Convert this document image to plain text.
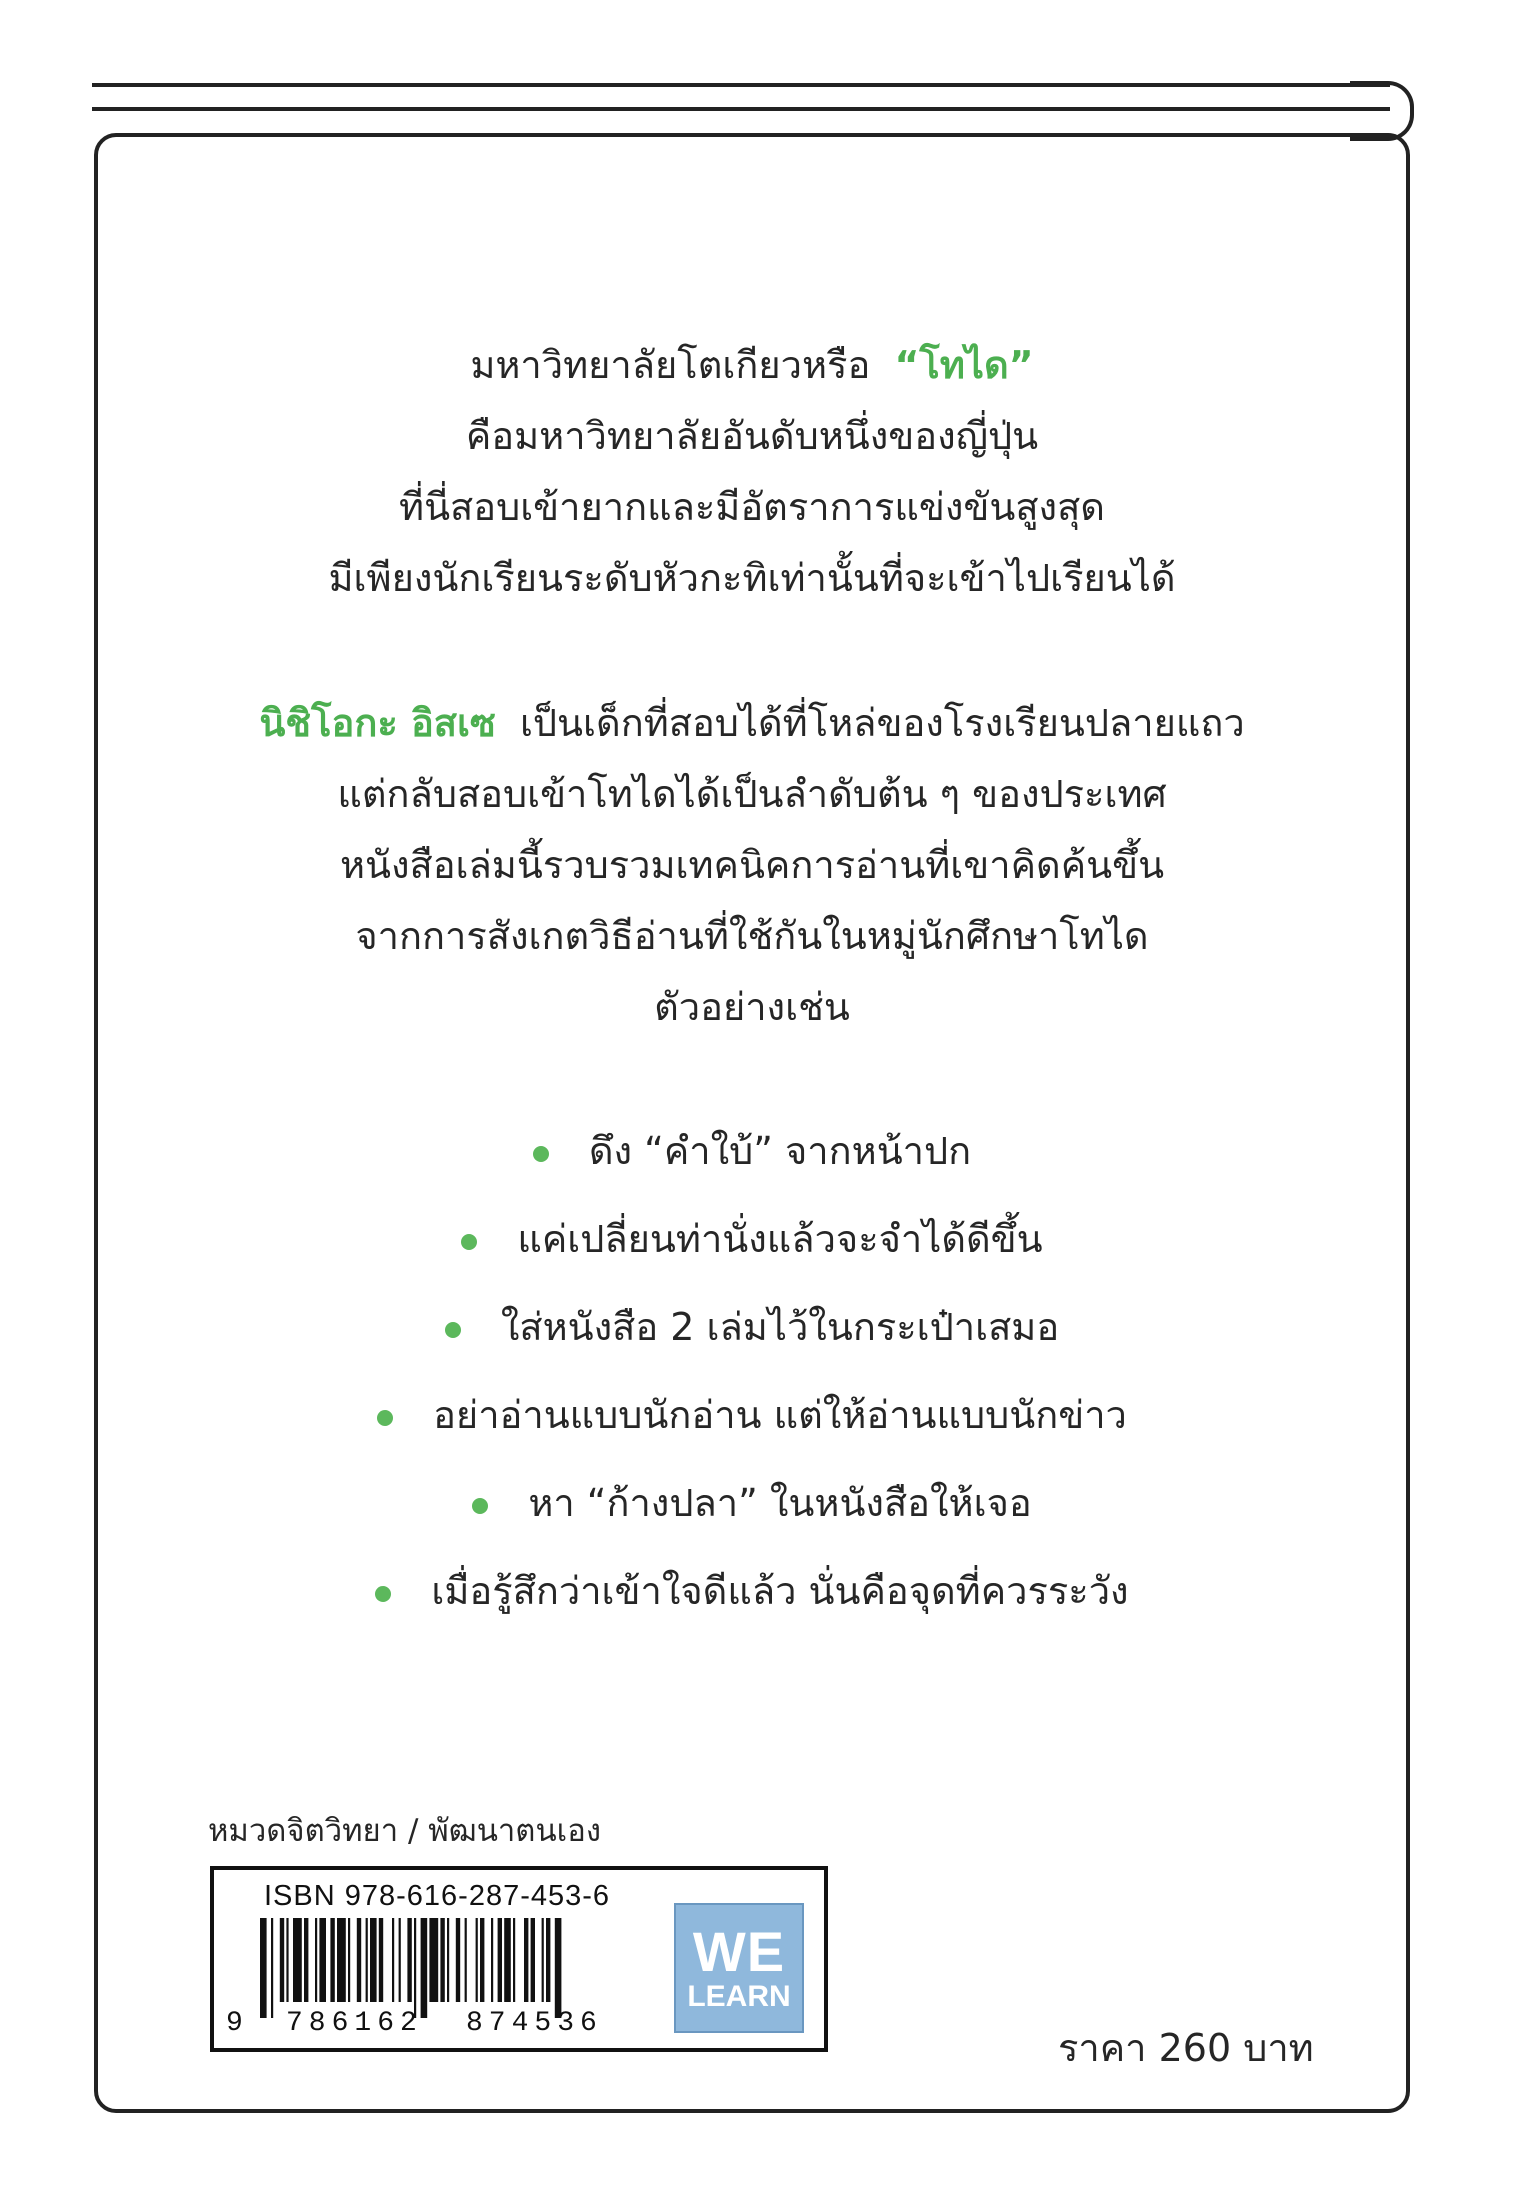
มหาวิทยาลัยโตเกียวหรือ “โทได”
คือมหาวิทยาลัยอันดับหนึ่งของญี่ปุ่น
ที่นี่สอบเข้ายากและมีอัตราการแข่งขันสูงสุด
มีเพียงนักเรียนระดับหัวกะทิเท่านั้นที่จะเข้าไปเรียนได้
นิชิโอกะ อิสเซ เป็นเด็กที่สอบได้ที่โหล่ของโรงเรียนปลายแถว
แต่กลับสอบเข้าโทไดได้เป็นลำดับต้น ๆ ของประเทศ
หนังสือเล่มนี้รวบรวมเทคนิคการอ่านที่เขาคิดค้นขึ้น
จากการสังเกตวิธีอ่านที่ใช้กันในหมู่นักศึกษาโทได
ตัวอย่างเช่น
ดึง “คำใบ้” จากหน้าปก
แค่เปลี่ยนท่านั่งแล้วจะจำได้ดีขึ้น
ใส่หนังสือ 2 เล่มไว้ในกระเป๋าเสมอ
อย่าอ่านแบบนักอ่าน แต่ให้อ่านแบบนักข่าว
หา “ก้างปลา” ในหนังสือให้เจอ
เมื่อรู้สึกว่าเข้าใจดีแล้ว นั่นคือจุดที่ควรระวัง
หมวดจิตวิทยา / พัฒนาตนเอง
ISBN 978-616-287-453-6
9 786162 874536
WE
LEARN
ราคา 260 บาท
